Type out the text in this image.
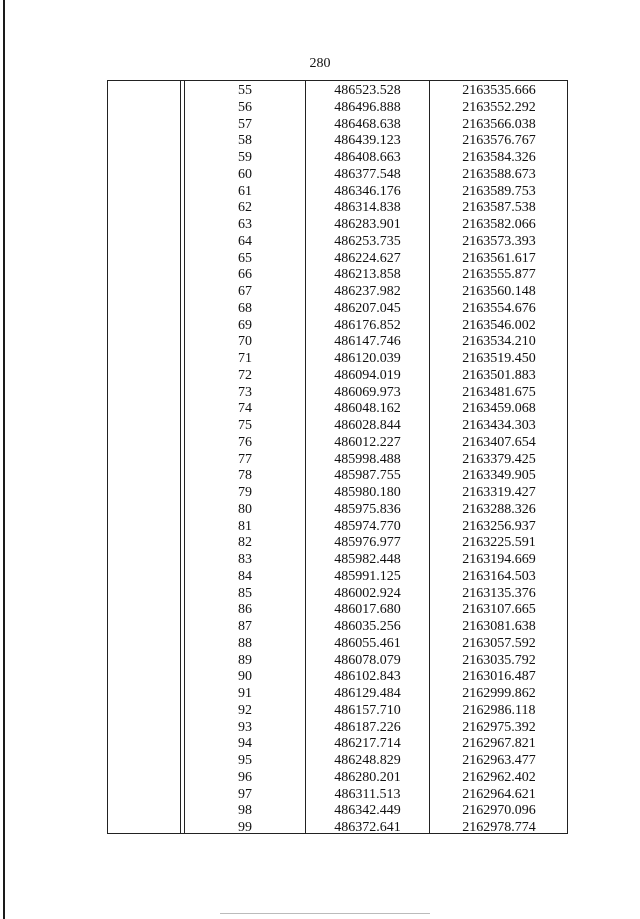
280
55	486523.528	2163535.666
56	486496.888	2163552.292
57	486468.638	2163566.038
58	486439.123	2163576.767
59	486408.663	2163584.326
60	486377.548	2163588.673
61	486346.176	2163589.753
62	486314.838	2163587.538
63	486283.901	2163582.066
64	486253.735	2163573.393
65	486224.627	2163561.617
66	486213.858	2163555.877
67	486237.982	2163560.148
68	486207.045	2163554.676
69	486176.852	2163546.002
70	486147.746	2163534.210
71	486120.039	2163519.450
72	486094.019	2163501.883
73	486069.973	2163481.675
74	486048.162	2163459.068
75	486028.844	2163434.303
76	486012.227	2163407.654
77	485998.488	2163379.425
78	485987.755	2163349.905
79	485980.180	2163319.427
80	485975.836	2163288.326
81	485974.770	2163256.937
82	485976.977	2163225.591
83	485982.448	2163194.669
84	485991.125	2163164.503
85	486002.924	2163135.376
86	486017.680	2163107.665
87	486035.256	2163081.638
88	486055.461	2163057.592
89	486078.079	2163035.792
90	486102.843	2163016.487
91	486129.484	2162999.862
92	486157.710	2162986.118
93	486187.226	2162975.392
94	486217.714	2162967.821
95	486248.829	2162963.477
96	486280.201	2162962.402
97	486311.513	2162964.621
98	486342.449	2162970.096
99	486372.641	2162978.774
